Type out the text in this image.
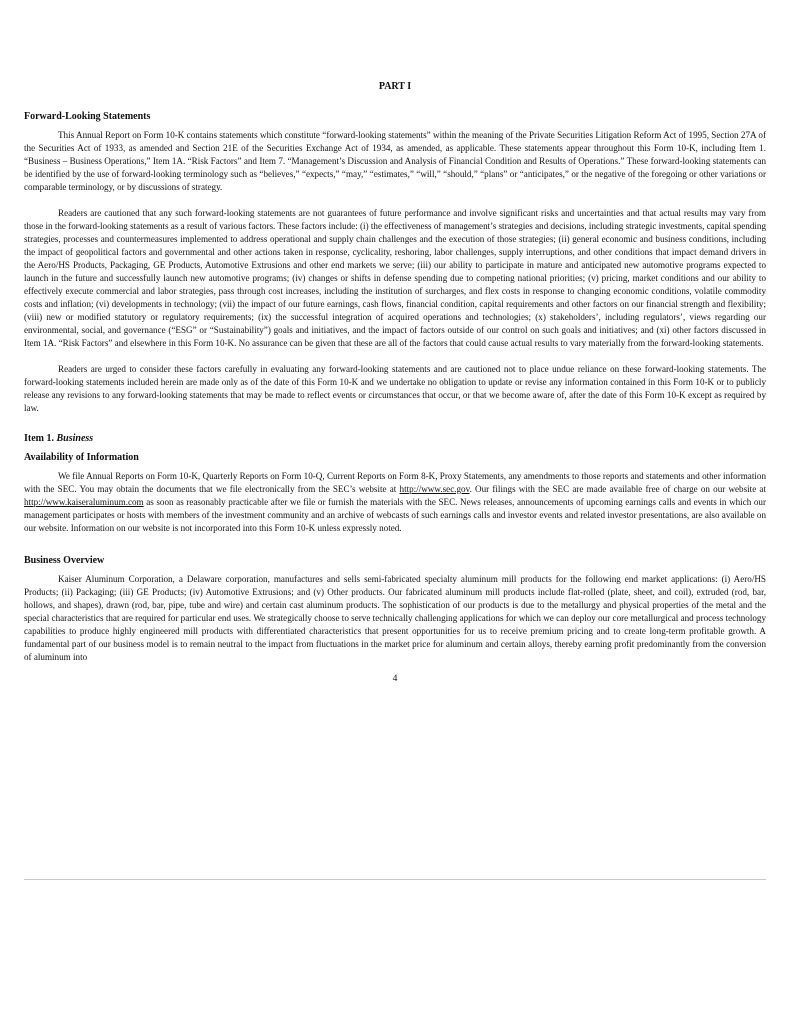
PART I
Forward-Looking Statements

This Annual Report on Form 10-K contains statements which constitute “forward-looking statements” within the meaning of the Private Securities Litigation Reform Act of 1995, Section 27A of the Securities Act of 1933, as amended and Section 21E of the Securities Exchange Act of 1934, as amended, as applicable. These statements appear throughout this Form 10-K, including Item 1. “Business – Business Operations,” Item 1A. “Risk Factors” and Item 7. “Management’s Discussion and Analysis of Financial Condition and Results of Operations.” These forward-looking statements can be identified by the use of forward-looking terminology such as “believes,” “expects,” “may,” “estimates,” “will,” “should,” “plans” or “anticipates,” or the negative of the foregoing or other variations or comparable terminology, or by discussions of strategy.

Readers are cautioned that any such forward-looking statements are not guarantees of future performance and involve significant risks and uncertainties and that actual results may vary from those in the forward-looking statements as a result of various factors. These factors include: (i) the effectiveness of management’s strategies and decisions, including strategic investments, capital spending strategies, processes and countermeasures implemented to address operational and supply chain challenges and the execution of those strategies; (ii) general economic and business conditions, including the impact of geopolitical factors and governmental and other actions taken in response, cyclicality, reshoring, labor challenges, supply interruptions, and other conditions that impact demand drivers in the Aero/HS Products, Packaging, GE Products, Automotive Extrusions and other end markets we serve; (iii) our ability to participate in mature and anticipated new automotive programs expected to launch in the future and successfully launch new automotive programs; (iv) changes or shifts in defense spending due to competing national priorities; (v) pricing, market conditions and our ability to effectively execute commercial and labor strategies, pass through cost increases, including the institution of surcharges, and flex costs in response to changing economic conditions, volatile commodity costs and inflation; (vi) developments in technology; (vii) the impact of our future earnings, cash flows, financial condition, capital requirements and other factors on our financial strength and flexibility; (viii) new or modified statutory or regulatory requirements; (ix) the successful integration of acquired operations and technologies; (x) stakeholders’, including regulators’, views regarding our environmental, social, and governance (“ESG” or “Sustainability”) goals and initiatives, and the impact of factors outside of our control on such goals and initiatives; and (xi) other factors discussed in Item 1A. “Risk Factors” and elsewhere in this Form 10-K. No assurance can be given that these are all of the factors that could cause actual results to vary materially from the forward-looking statements.

Readers are urged to consider these factors carefully in evaluating any forward-looking statements and are cautioned not to place undue reliance on these forward-looking statements. The forward-looking statements included herein are made only as of the date of this Form 10-K and we undertake no obligation to update or revise any information contained in this Form 10-K or to publicly release any revisions to any forward-looking statements that may be made to reflect events or circumstances that occur, or that we become aware of, after the date of this Form 10-K except as required by law.

Item 1. Business
Availability of Information

We file Annual Reports on Form 10-K, Quarterly Reports on Form 10-Q, Current Reports on Form 8-K, Proxy Statements, any amendments to those reports and statements and other information with the SEC. You may obtain the documents that we file electronically from the SEC’s website at http://www.sec.gov. Our filings with the SEC are made available free of charge on our website at http://www.kaiseraluminum.com as soon as reasonably practicable after we file or furnish the materials with the SEC. News releases, announcements of upcoming earnings calls and events in which our management participates or hosts with members of the investment community and an archive of webcasts of such earnings calls and investor events and related investor presentations, are also available on our website. Information on our website is not incorporated into this Form 10-K unless expressly noted.

Business Overview

Kaiser Aluminum Corporation, a Delaware corporation, manufactures and sells semi-fabricated specialty aluminum mill products for the following end market applications: (i) Aero/HS Products; (ii) Packaging; (iii) GE Products; (iv) Automotive Extrusions; and (v) Other products. Our fabricated aluminum mill products include flat-rolled (plate, sheet, and coil), extruded (rod, bar, hollows, and shapes), drawn (rod, bar, pipe, tube and wire) and certain cast aluminum products. The sophistication of our products is due to the metallurgy and physical properties of the metal and the special characteristics that are required for particular end uses. We strategically choose to serve technically challenging applications for which we can deploy our core metallurgical and process technology capabilities to produce highly engineered mill products with differentiated characteristics that present opportunities for us to receive premium pricing and to create long-term profitable growth. A fundamental part of our business model is to remain neutral to the impact from fluctuations in the market price for aluminum and certain alloys, thereby earning profit predominantly from the conversion of aluminum into

4
